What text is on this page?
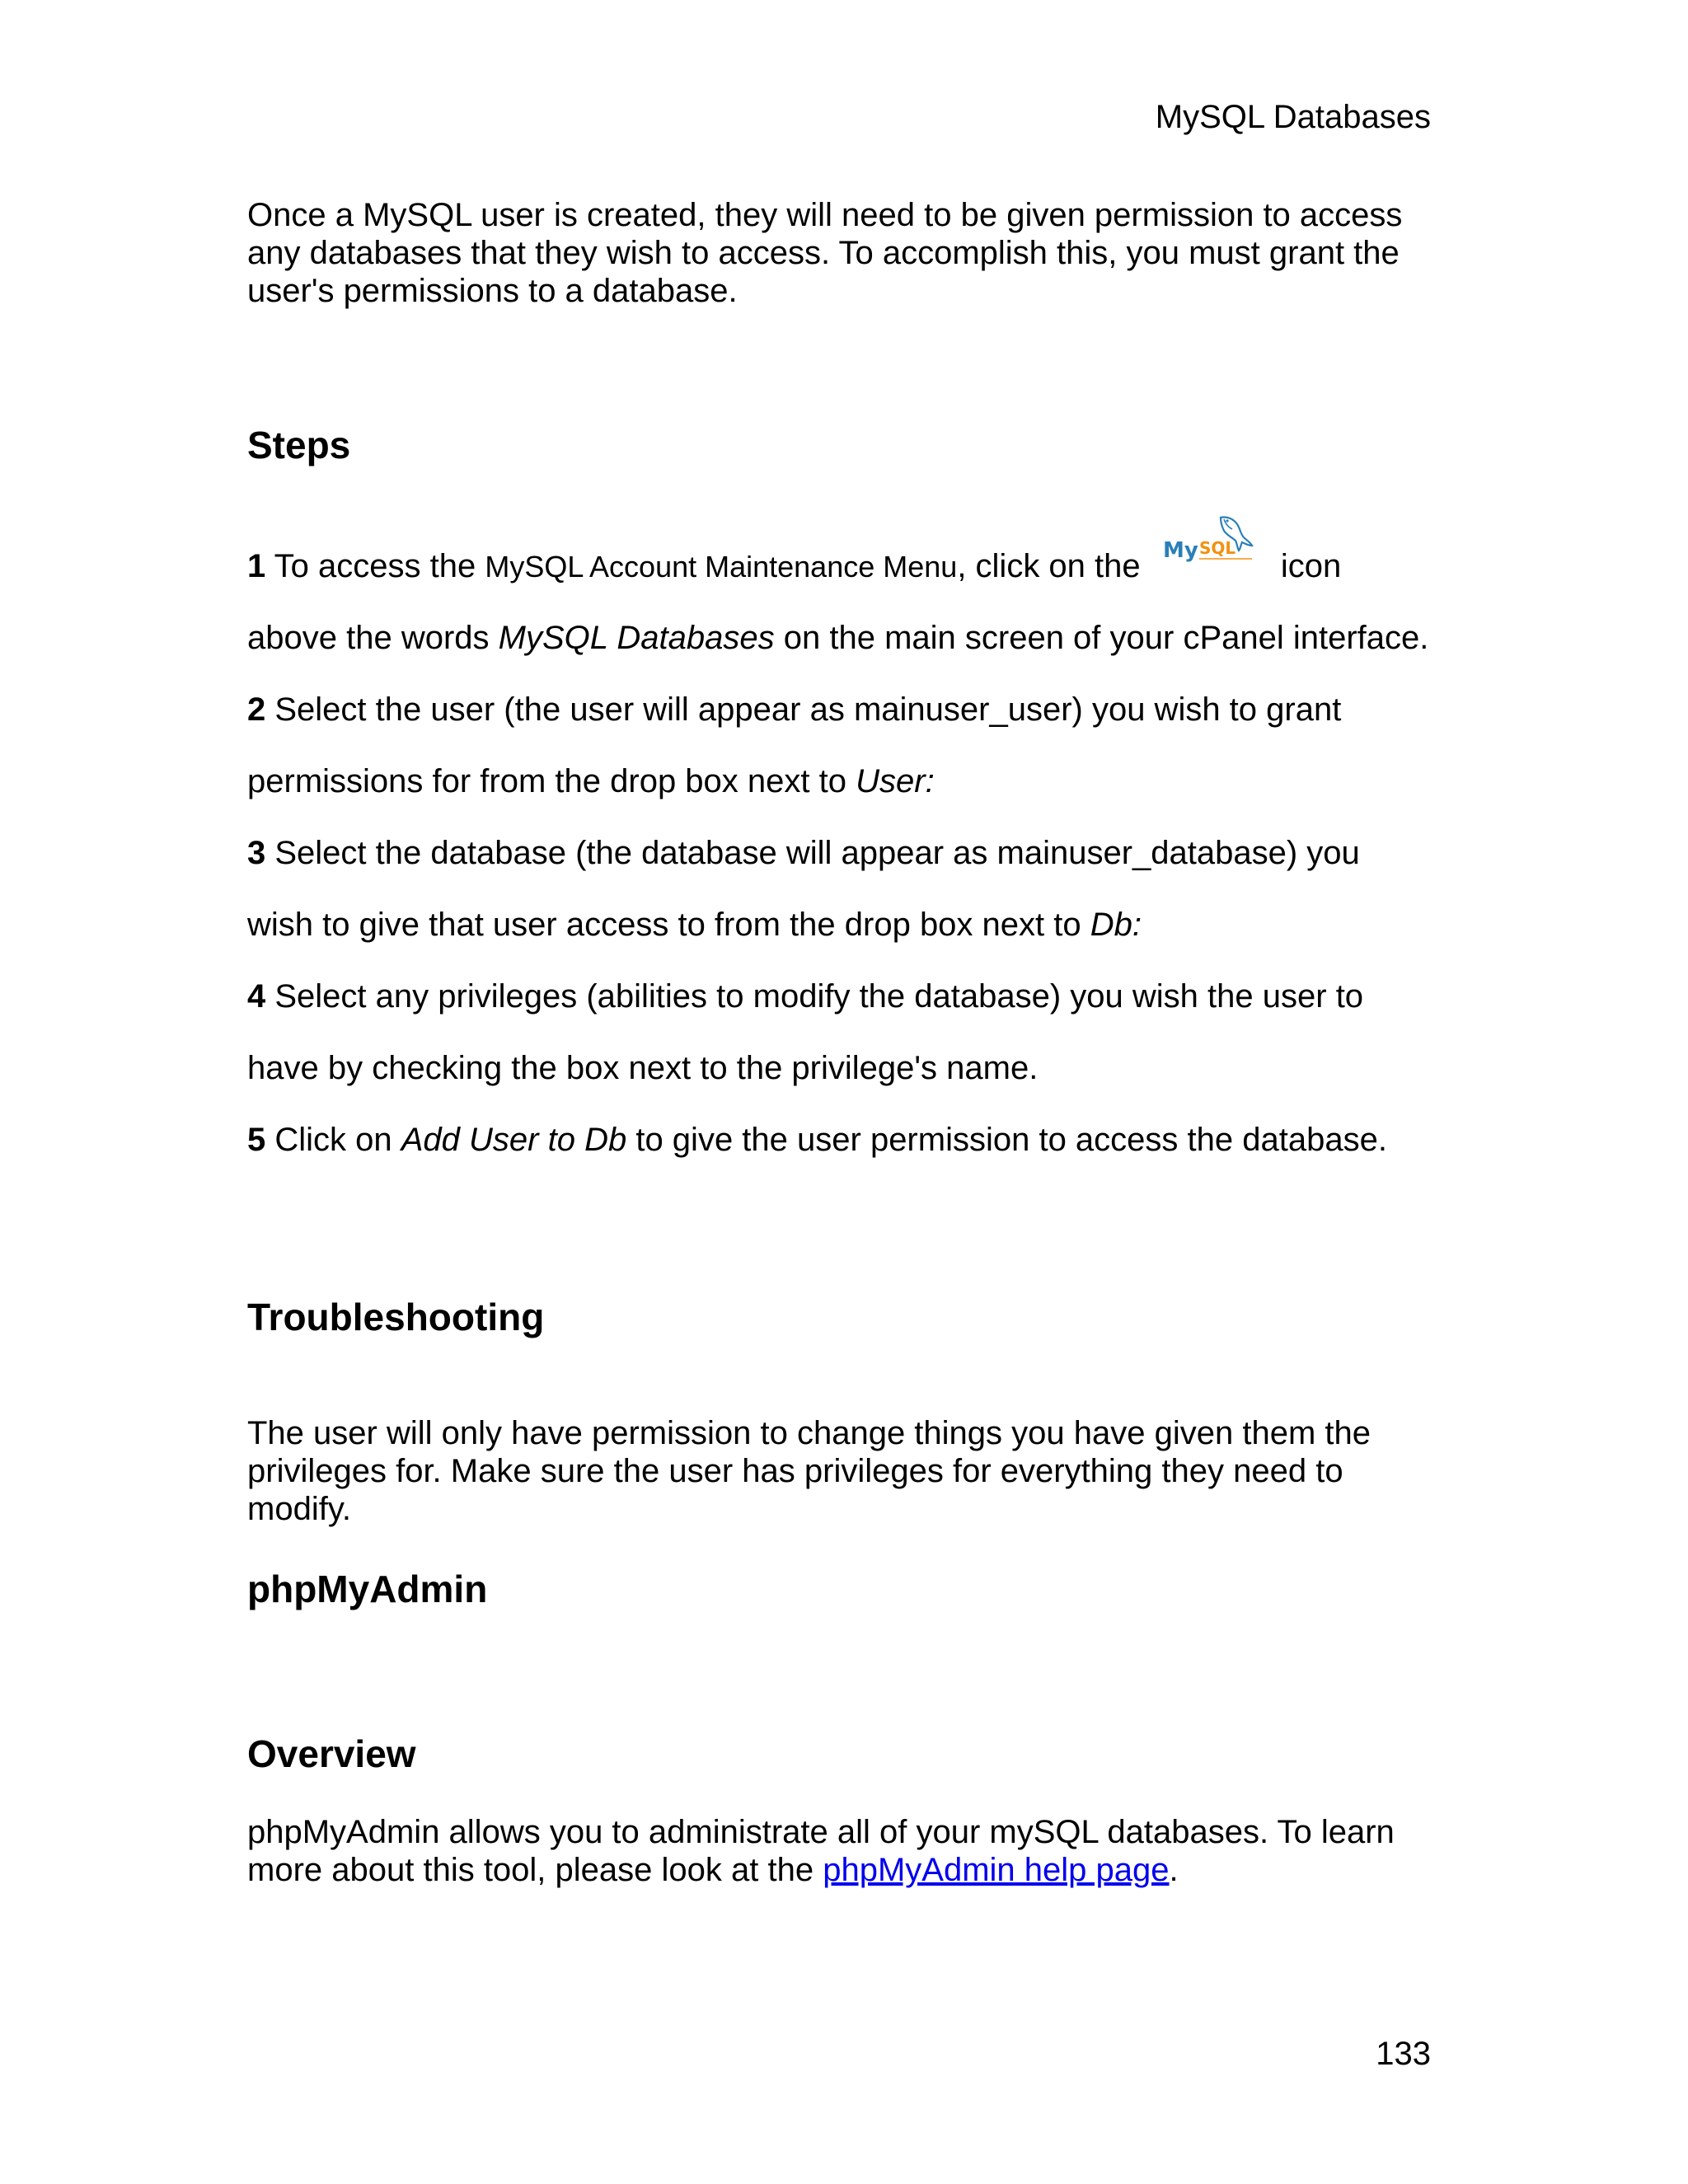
MySQL Databases

Once a MySQL user is created, they will need to be given permission to access

any databases that they wish to access. To accomplish this, you must grant the

user's permissions to a database.

Steps

1 To access the MySQL Account Maintenance Menu, click on the My SQL icon

above the words MySQL Databases on the main screen of your cPanel interface.

2 Select the user (the user will appear as mainuser_user) you wish to grant

permissions for from the drop box next to User:

3 Select the database (the database will appear as mainuser_database) you

wish to give that user access to from the drop box next to Db:

4 Select any privileges (abilities to modify the database) you wish the user to

have by checking the box next to the privilege's name.

5 Click on Add User to Db to give the user permission to access the database.

Troubleshooting

The user will only have permission to change things you have given them the

privileges for. Make sure the user has privileges for everything they need to

modify.

phpMyAdmin
Overview

phpMyAdmin allows you to administrate all of your mySQL databases. To learn

more about this tool, please look at the phpMyAdmin help page.

133
